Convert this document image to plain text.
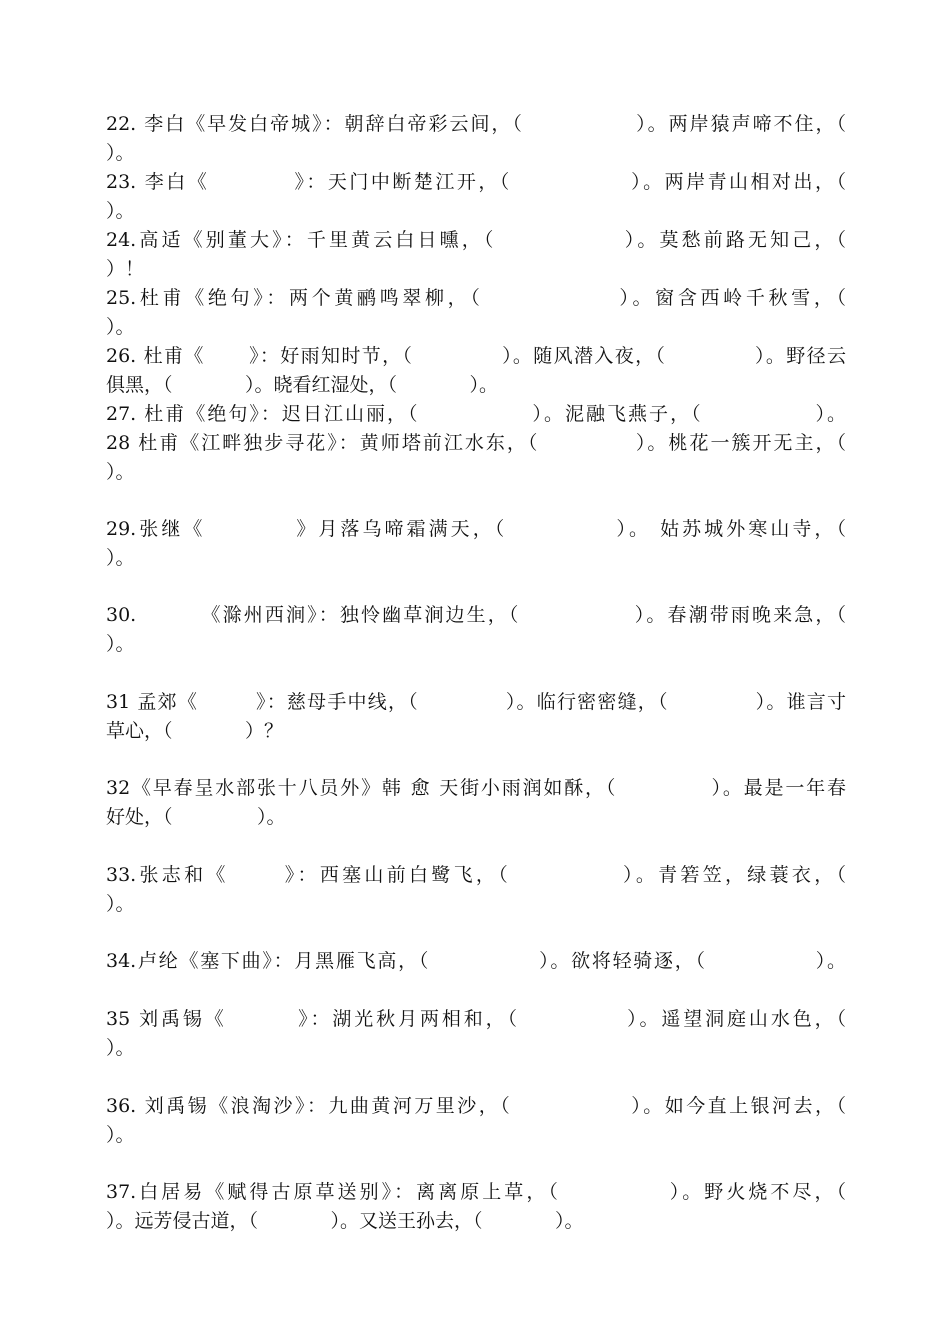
22. 李白《早发白帝城》：朝辞白帝彩云间，（              ）。两岸猿声啼不住，（
）。
23. 李白《          》：天门中断楚江开，（              ）。两岸青山相对出，（
）。
24.高适《别董大》：千里黄云白日曛，（              ）。莫愁前路无知己，（
）！
25.杜甫《绝句》：两个黄鹂鸣翠柳，（              ）。窗含西岭千秋雪，（
）。
26. 杜甫《      》：好雨知时节，（            ）。随风潜入夜，（            ）。野径云
俱黑，（            ）。晓看红湿处，（            ）。
27. 杜甫《绝句》：迟日江山丽，（              ）。泥融飞燕子，（              ）。
28 杜甫《江畔独步寻花》：黄师塔前江水东，（            ）。桃花一簇开无主，（
）。
29.张继《          》月落乌啼霜满天，（            ）。 姑苏城外寒山寺，（
）。
30.        《滁州西涧》：独怜幽草涧边生，（              ）。春潮带雨晚来急，（
）。
31 孟郊《        》：慈母手中线，（            ）。临行密密缝，（            ）。谁言寸
草心，（            ）？
32《早春呈水部张十八员外》韩 愈 天街小雨润如酥，（            ）。最是一年春
好处，（              ）。
33.张志和《      》：西塞山前白鹭飞，（            ）。青箬笠，绿蓑衣，（
）。
34.卢纶《塞下曲》：月黑雁飞高，（              ）。欲将轻骑逐，（              ）。
35 刘禹锡《        》：湖光秋月两相和，（            ）。遥望洞庭山水色，（
）。
36. 刘禹锡《浪淘沙》：九曲黄河万里沙，（              ）。如今直上银河去，（
）。
37.白居易《赋得古原草送别》：离离原上草，（            ）。野火烧不尽，（
）。远芳侵古道，（            ）。又送王孙去，（            ）。
